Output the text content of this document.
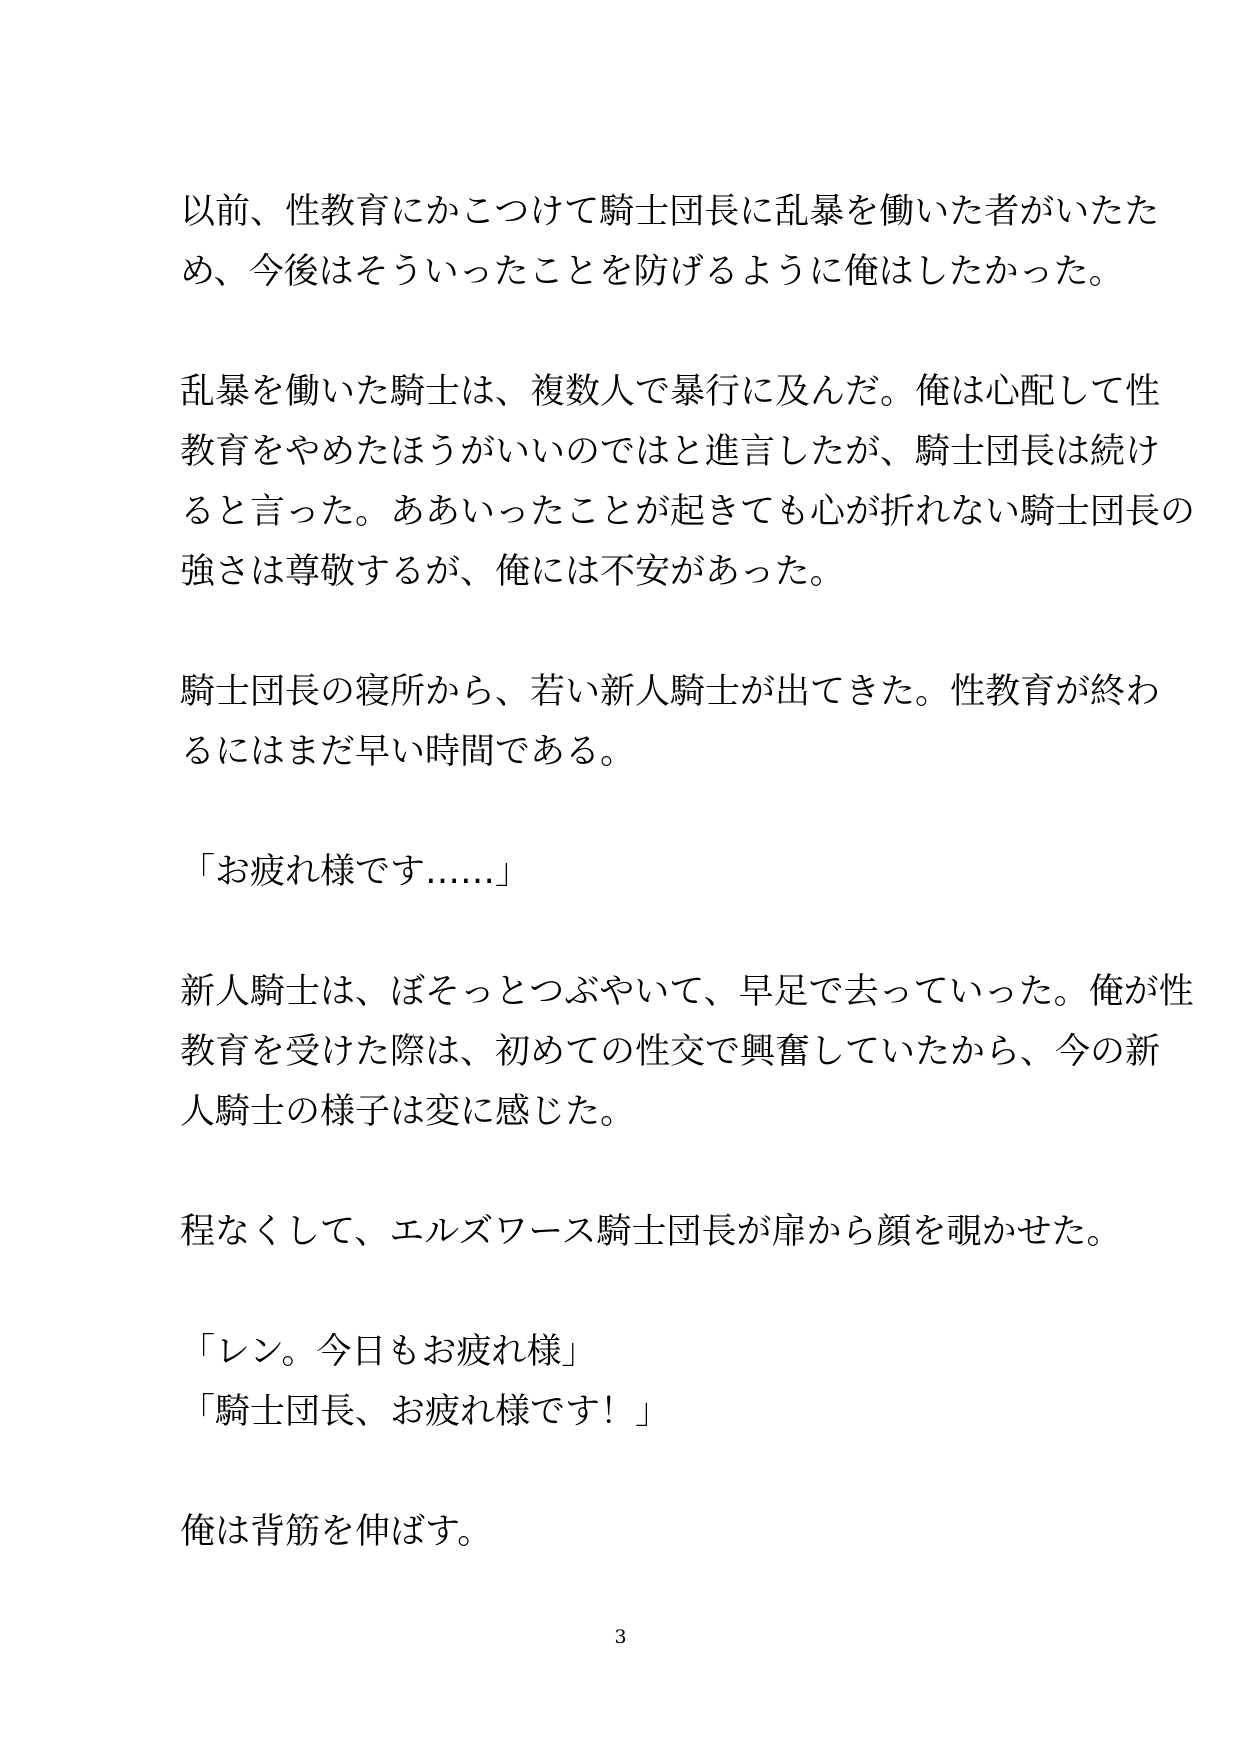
以前、性教育にかこつけて騎士団長に乱暴を働いた者がいたた
め、今後はそういったことを防げるように俺はしたかった。
乱暴を働いた騎士は、複数人で暴行に及んだ。俺は心配して性
教育をやめたほうがいいのではと進言したが、騎士団長は続け
ると言った。ああいったことが起きても心が折れない騎士団長の
強さは尊敬するが、俺には不安があった。
騎士団長の寝所から、若い新人騎士が出てきた。性教育が終わ
るにはまだ早い時間である。
「お疲れ様です……」
新人騎士は、ぼそっとつぶやいて、早足で去っていった。俺が性
教育を受けた際は、初めての性交で興奮していたから、今の新
人騎士の様子は変に感じた。
程なくして、エルズワース騎士団長が扉から顔を覗かせた。
「レン。今日もお疲れ様」
「騎士団長、お疲れ様です！」
俺は背筋を伸ばす。
3
